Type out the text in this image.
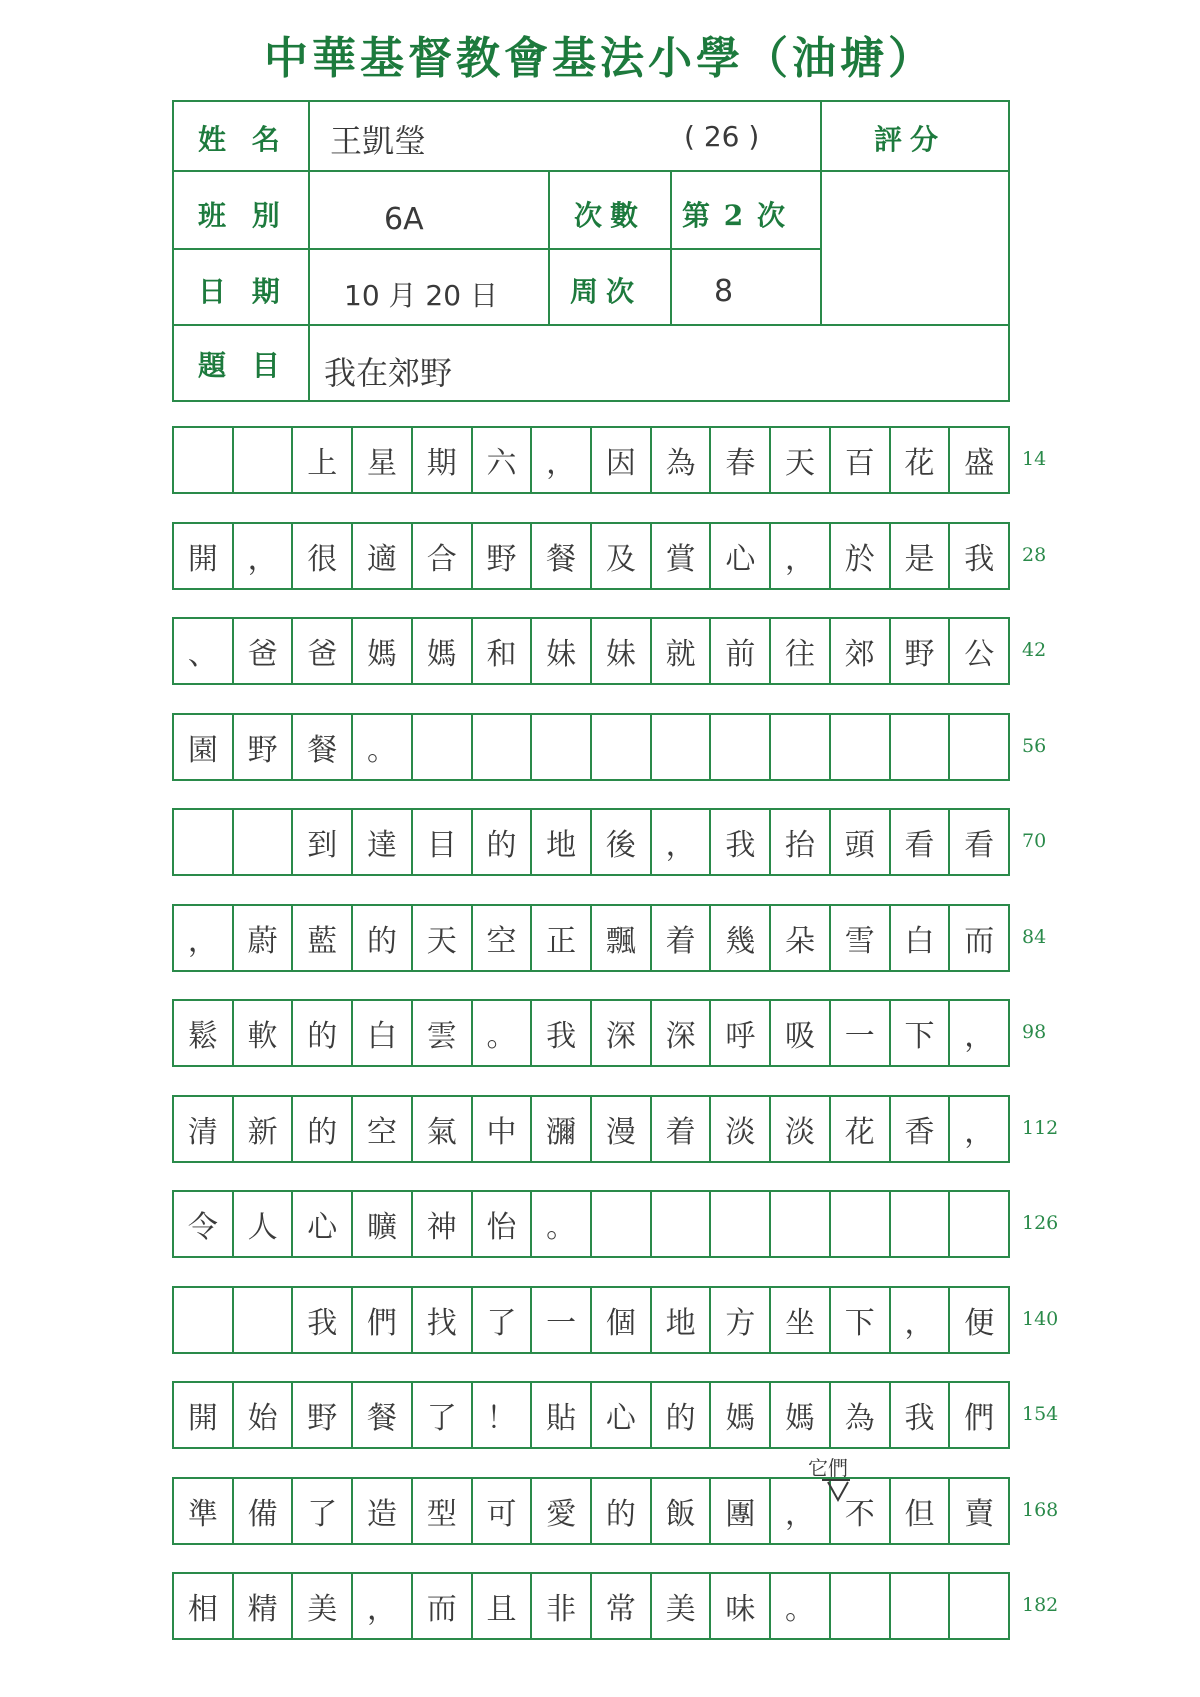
中華基督教會基法小學（油塘）
姓 名 王凱瑩	( 26 )	評分
班 別	6A	次數 第 2 次
日 期 10 月 20 日	周次 8
題 目 我在郊野
上 星 期 六 ， 因 為 春 天 百 花 盛	14
開 ， 很 適 合 野 餐 及 賞 心 ， 於 是 我	28
、 爸 爸 媽 媽 和 妹 妹 就 前 往 郊 野 公	42
園 野 餐 。	56
到 達 目 的 地 後 ， 我 抬 頭 看 看	70
， 蔚 藍 的 天 空 正 飄 着 幾 朵 雪 白 而	84
鬆 軟 的 白 雲 。 我 深 深 呼 吸 一 下 ，	98
清 新 的 空 氣 中 瀰 漫 着 淡 淡 花 香 ，	112
令 人 心 曠 神 怡 。	126
我 們 找 了 一 個 地 方 坐 下 ， 便	140
開 始 野 餐 了 ！ 貼 心 的 媽 媽 為 我 們	154
準 備 了 造 型 可 愛 的 飯 團 ， 不 但 賣	168
相 精 美 ， 而 且 非 常 美 味 。	182
它們
